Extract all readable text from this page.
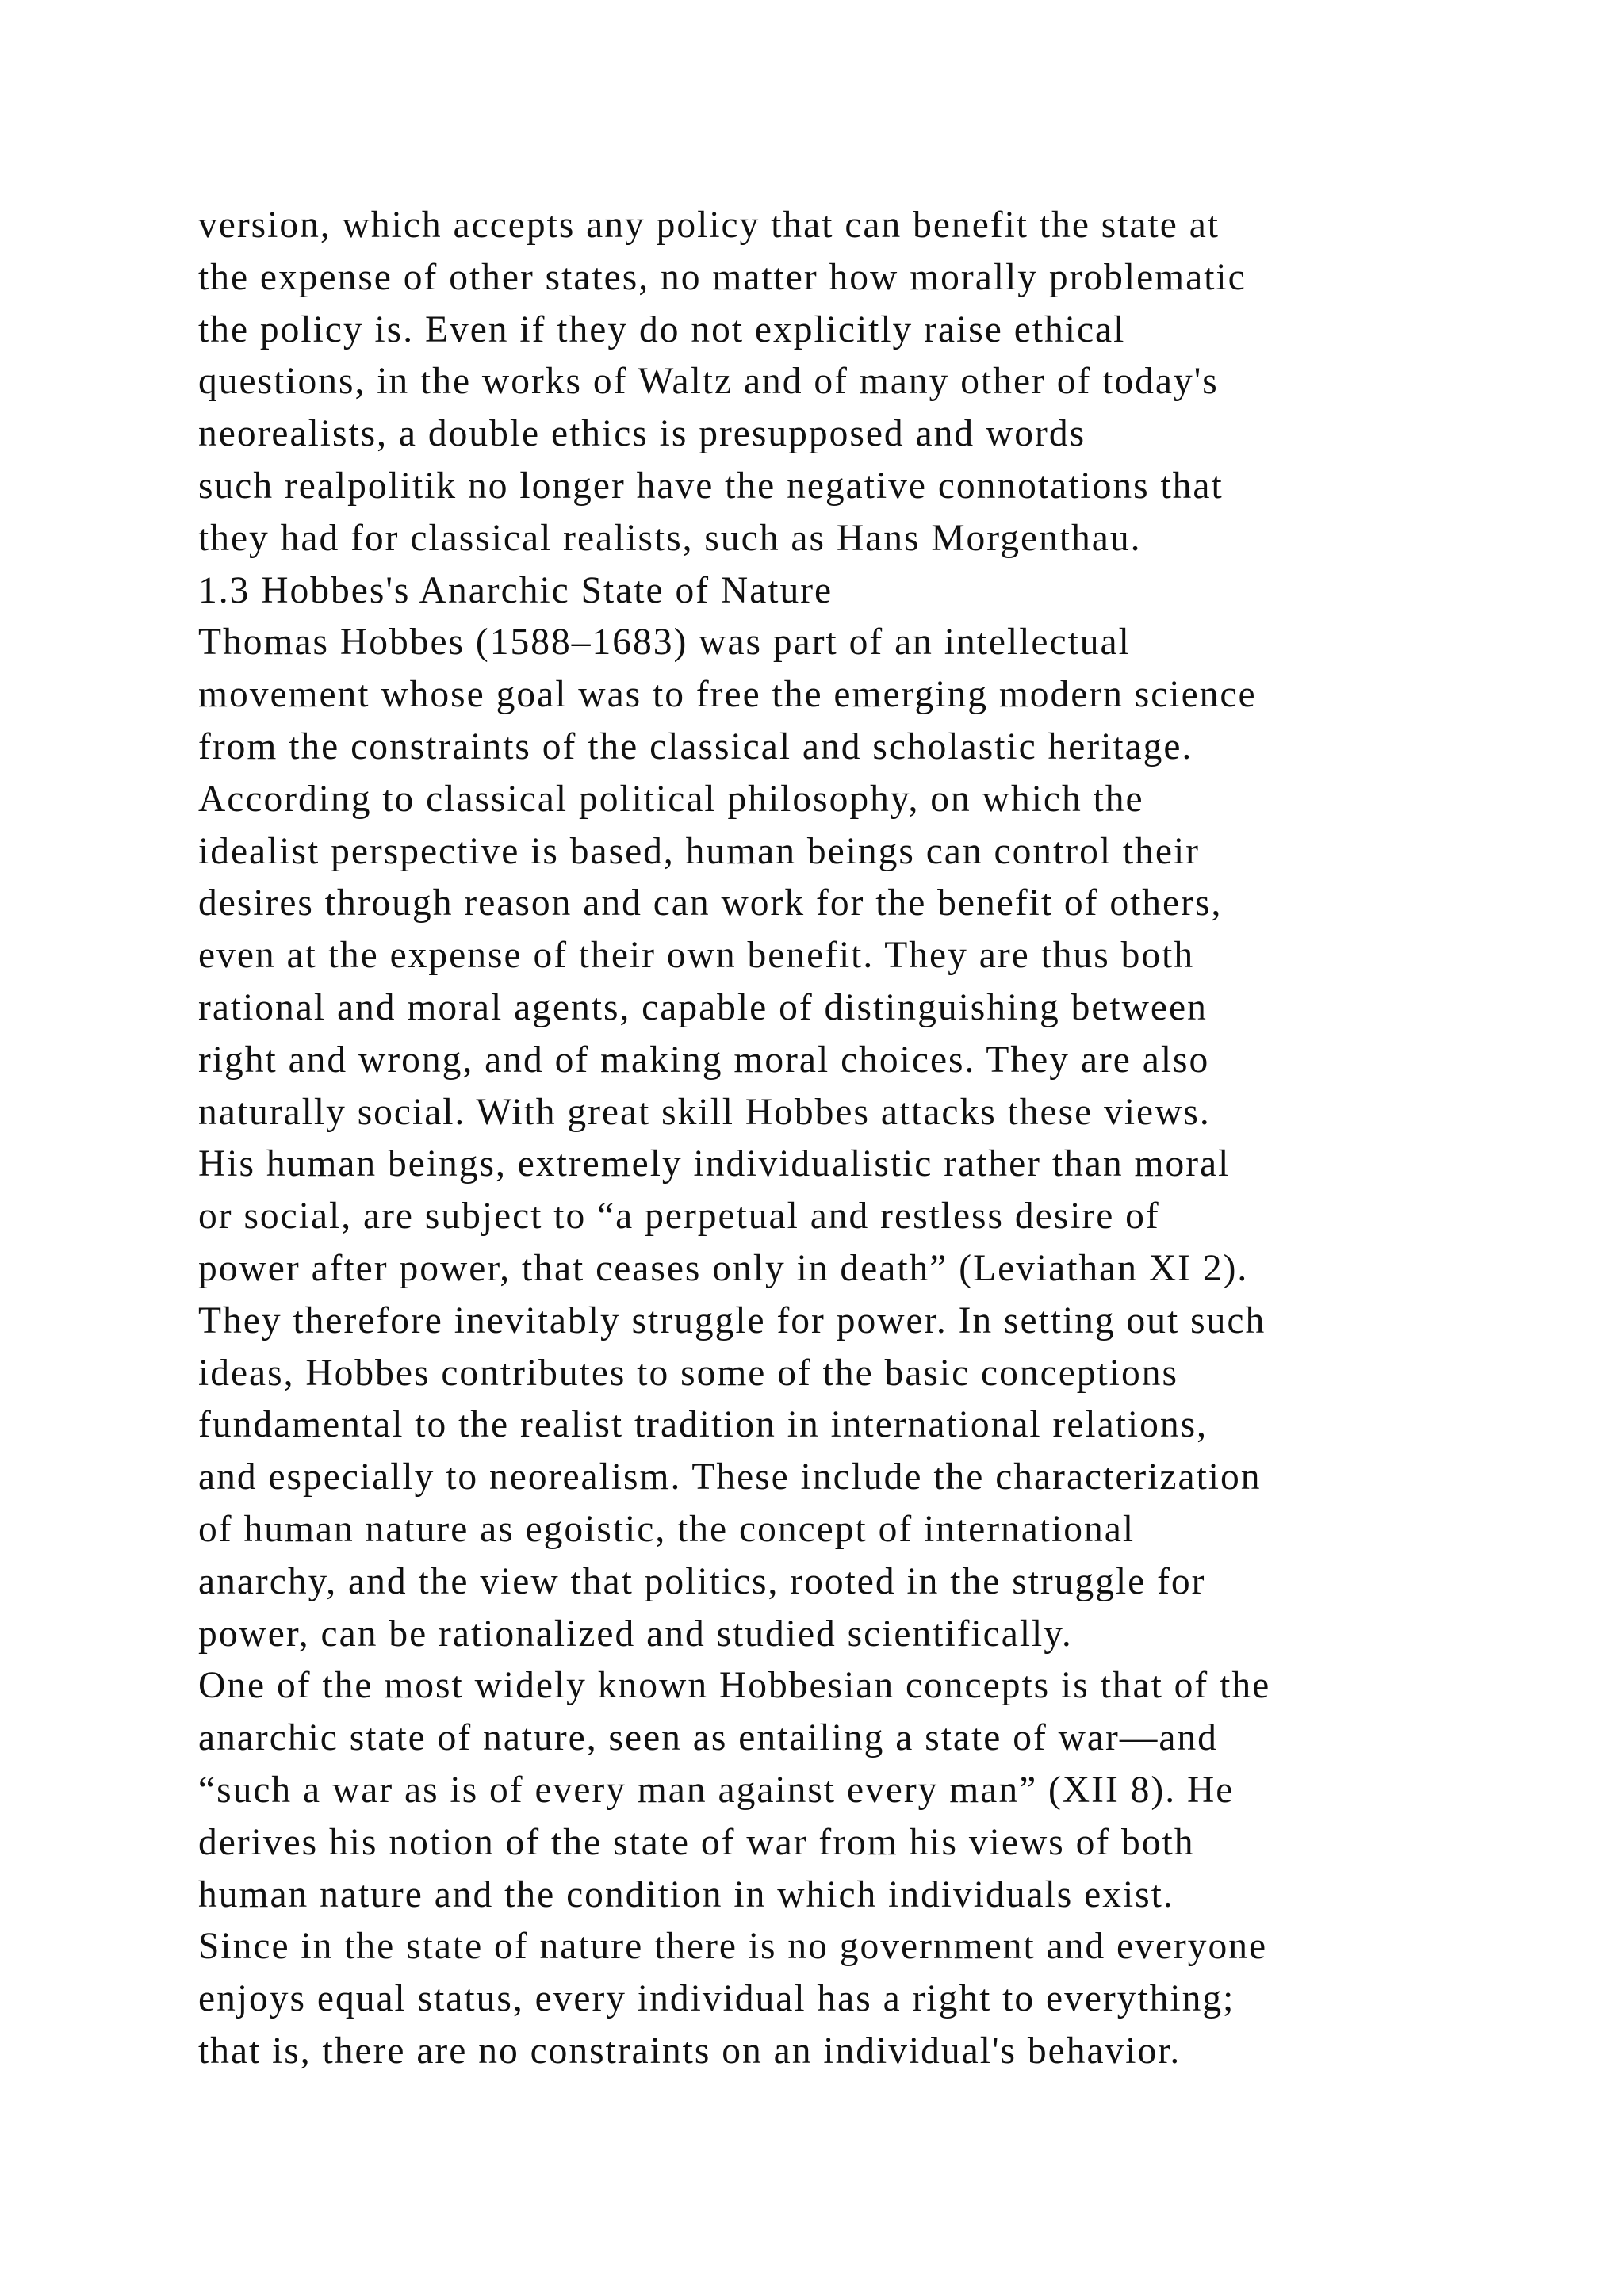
version, which accepts any policy that can benefit the state at
the expense of other states, no matter how morally problematic
the policy is. Even if they do not explicitly raise ethical
questions, in the works of Waltz and of many other of today's
neorealists, a double ethics is presupposed and words
such realpolitik no longer have the negative connotations that
they had for classical realists, such as Hans Morgenthau.
1.3 Hobbes's Anarchic State of Nature
Thomas Hobbes (1588–1683) was part of an intellectual
movement whose goal was to free the emerging modern science
from the constraints of the classical and scholastic heritage.
According to classical political philosophy, on which the
idealist perspective is based, human beings can control their
desires through reason and can work for the benefit of others,
even at the expense of their own benefit. They are thus both
rational and moral agents, capable of distinguishing between
right and wrong, and of making moral choices. They are also
naturally social. With great skill Hobbes attacks these views.
His human beings, extremely individualistic rather than moral
or social, are subject to “a perpetual and restless desire of
power after power, that ceases only in death” (Leviathan XI 2).
They therefore inevitably struggle for power. In setting out such
ideas, Hobbes contributes to some of the basic conceptions
fundamental to the realist tradition in international relations,
and especially to neorealism. These include the characterization
of human nature as egoistic, the concept of international
anarchy, and the view that politics, rooted in the struggle for
power, can be rationalized and studied scientifically.
One of the most widely known Hobbesian concepts is that of the
anarchic state of nature, seen as entailing a state of war—and
“such a war as is of every man against every man” (XII 8). He
derives his notion of the state of war from his views of both
human nature and the condition in which individuals exist.
Since in the state of nature there is no government and everyone
enjoys equal status, every individual has a right to everything;
that is, there are no constraints on an individual's behavior.
